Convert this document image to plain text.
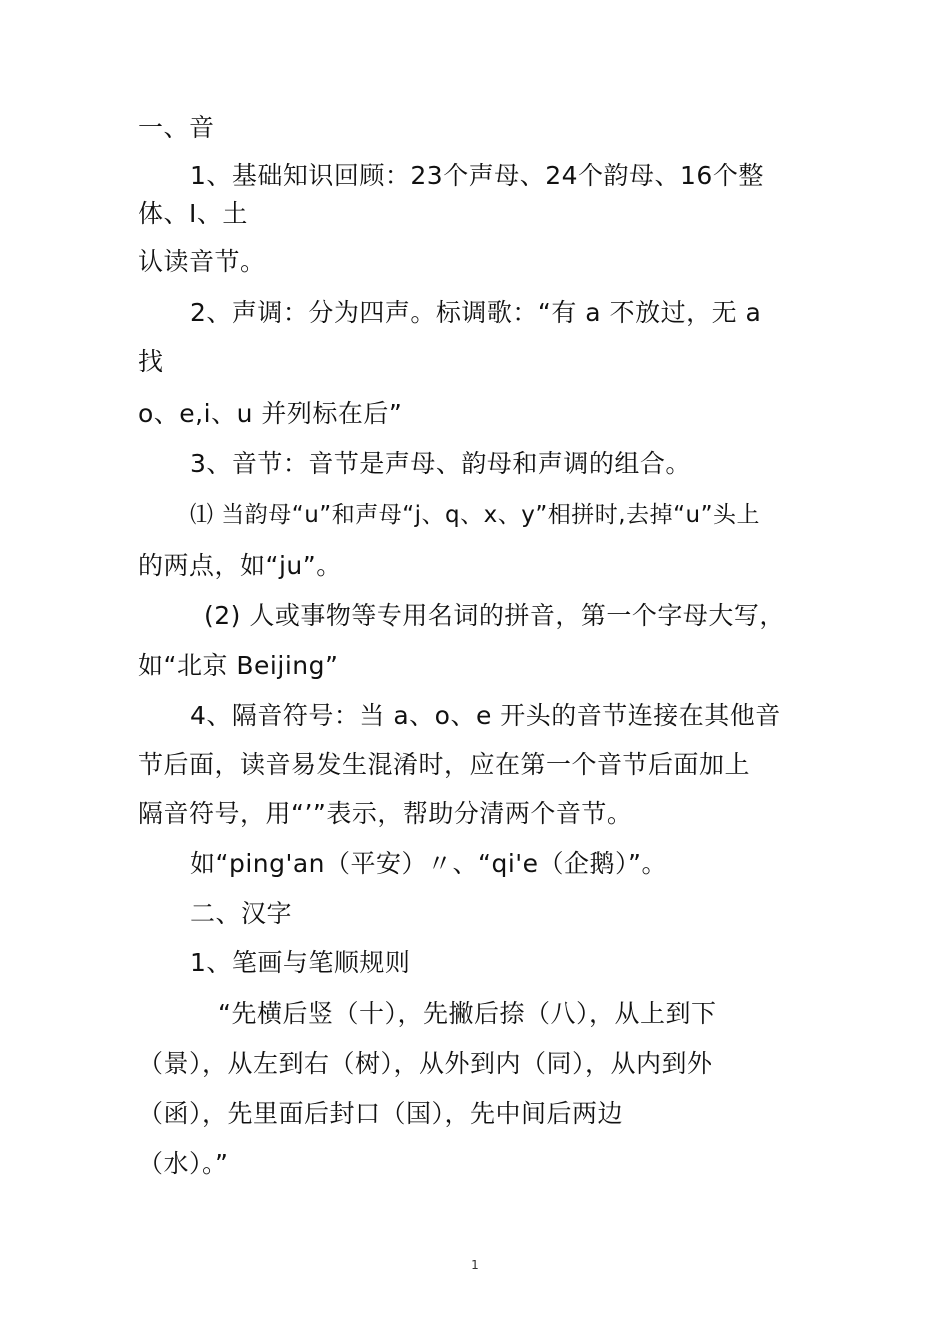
一、音
1、基础知识回顾：23个声母、24个韵母、16个整
体、I、土
认读音节。
2、声调：分为四声。标调歌：“有 a 不放过，无 a
找
o、e,i、u 并列标在后”
3、音节：音节是声母、韵母和声调的组合。
⑴ 当韵母“u”和声母“j、q、x、y”相拼时,去掉“u”头上
的两点，如“ju”。
(2) 人或事物等专用名词的拼音，第一个字母大写，
如“北京 Beijing”
4、隔音符号：当 a、o、e 开头的音节连接在其他音
节后面，读音易发生混淆时，应在第一个音节后面加上
隔音符号，用“’”表示，帮助分清两个音节。
如“ping'an（平安）〃、“qi'e（企鹅）”。
二、汉字
1、笔画与笔顺规则
“先横后竖（十），先撇后捺（八），从上到下
（景），从左到右（树），从外到内（同），从内到外
（函），先里面后封口（国），先中间后两边
（水）。”
1
